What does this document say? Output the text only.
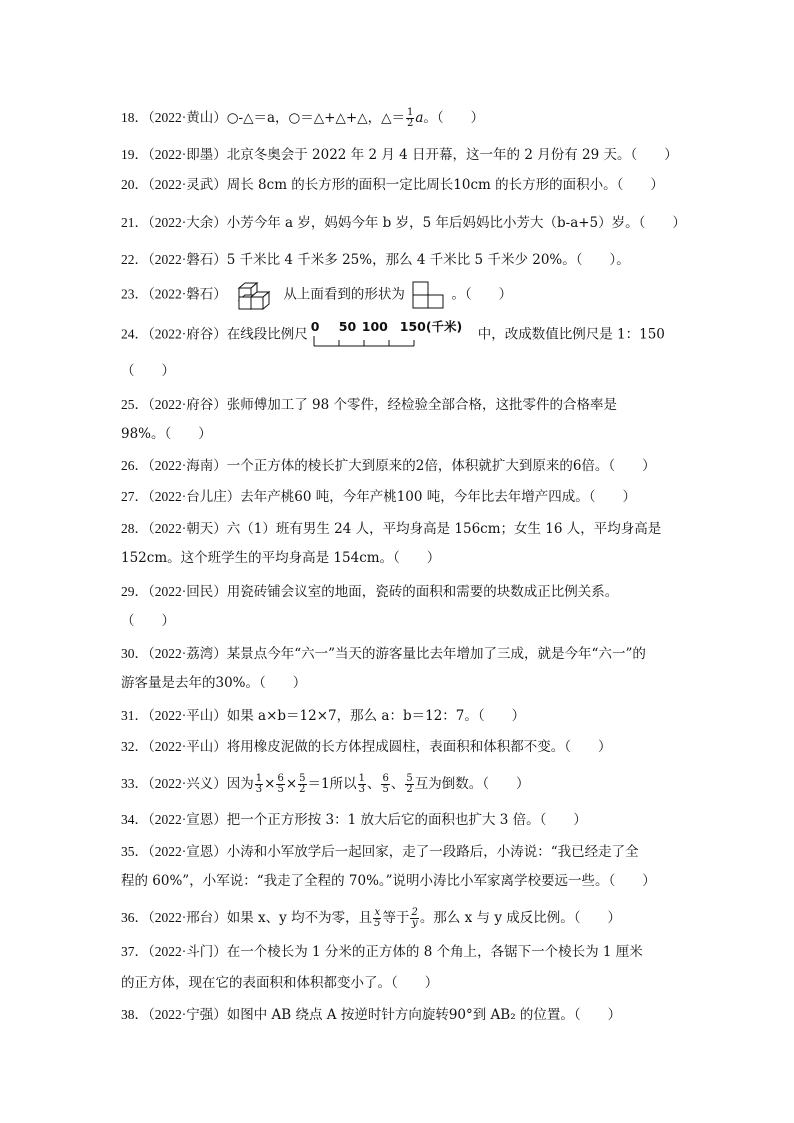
18．（2022·黄山）○-△＝a，○＝△+△+△，△＝ $\frac{1}{2}$ a。（　　）
19．（2022·即墨）北京冬奥会于 2022 年 2 月 4 日开幕，这一年的 2 月份有 29 天。（　　）
20．（2022·灵武）周长 8cm 的长方形的面积一定比周长10cm 的长方形的面积小。（　　）
21．（2022·大余）小芳今年 a 岁，妈妈今年 b 岁，5 年后妈妈比小芳大（b-a+5）岁。（　　）
22．（2022·磐石）5 千米比 4 千米多 25%，那么 4 千米比 5 千米少 20%。（　　）。
23．（2022·磐石）	从上面看到的形状为	。（　　）
24．（2022·府谷）在线段比例尺 0 50 100 150(千米) 中，改成数值比例尺是 1：150
（　　）
25．（2022·府谷）张师傅加工了 98 个零件，经检验全部合格，这批零件的合格率是
98%。（　　）
26．（2022·海南）一个正方体的棱长扩大到原来的2倍，体积就扩大到原来的6倍。（　　）
27．（2022·台儿庄）去年产桃60 吨，今年产桃100 吨，今年比去年增产四成。（　　）
28．（2022·朝天）六（1）班有男生 24 人，平均身高是 156cm；女生 16 人，平均身高是
152cm。这个班学生的平均身高是 154cm。（　　）
29．（2022·回民）用瓷砖铺会议室的地面，瓷砖的面积和需要的块数成正比例关系。
（　　）
30．（2022·荔湾）某景点今年“六一”当天的游客量比去年增加了三成，就是今年“六一”的
游客量是去年的30%。（　　）
31．（2022·平山）如果 a×b＝12×7，那么 a：b＝12：7。（　　）
32．（2022·平山）将用橡皮泥做的长方体捏成圆柱，表面积和体积都不变。（　　）
33．（2022·兴义）因为 $\frac{1}{3} \times \frac{6}{5} \times \frac{5}{2} =1$所以 $\frac{1}{3}$ 、 $\frac{6}{5}$ 、 $\frac{5}{2}$ 互为倒数。（　　）
34．（2022·宣恩）把一个正方形按 3：1 放大后它的面积也扩大 3 倍。（　　）
35．（2022·宣恩）小涛和小军放学后一起回家，走了一段路后，小涛说：“我已经走了全
程的 60%”，小军说：“我走了全程的 70%。”说明小涛比小军家离学校要远一些。（　　）
36．（2022·邢台）如果 x、y 均不为零，且 $\frac{x}{5}$ 等于 $\frac{2}{y}$ 。那么 x 与 y 成反比例。（　　）
37．（2022·斗门）在一个棱长为 1 分米的正方体的 8 个角上，各锯下一个棱长为 1 厘米
的正方体，现在它的表面积和体积都变小了。（　　）
38．（2022·宁强）如图中 AB 绕点 A 按逆时针方向旋转90°到 AB₂ 的位置。（　　）
